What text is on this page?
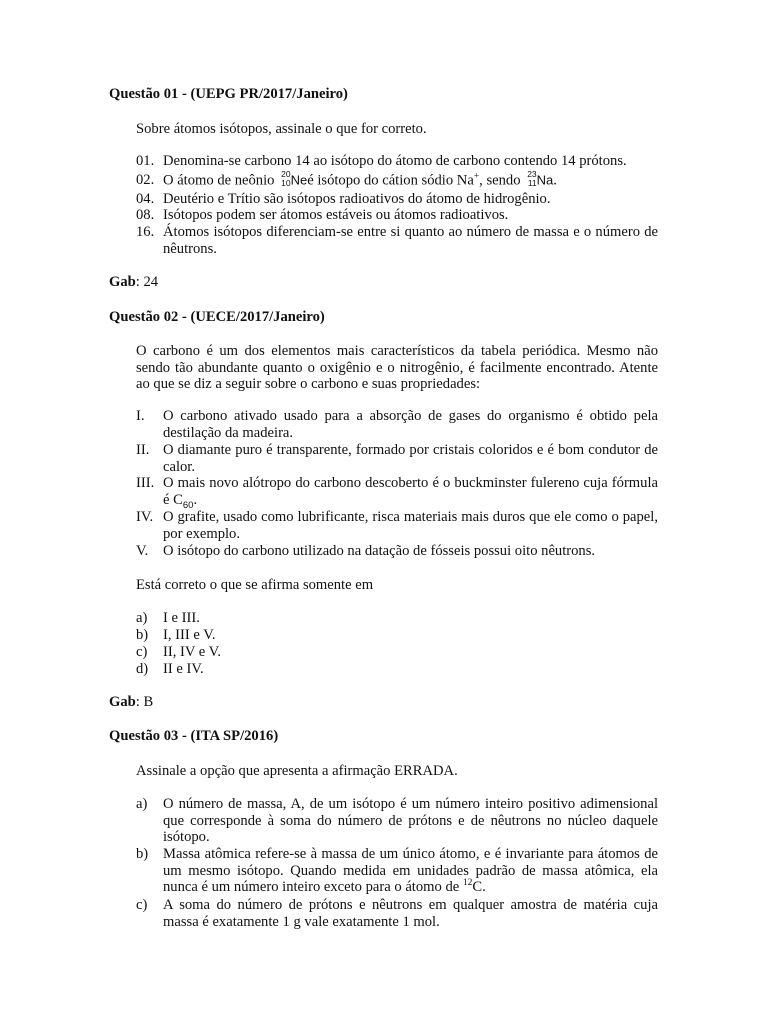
Questão 01 - (UEPG PR/2017/Janeiro)

Sobre átomos isótopos, assinale o que for correto.

01. Denomina-se carbono 14 ao isótopo do átomo de carbono contendo 14 prótons.
02. O átomo de neônio 20
10 Neé isótopo do cátion sódio Na+, sendo 23
11 Na.
04. Deutério e Trítio são isótopos radioativos do átomo de hidrogênio.
08. Isótopos podem ser átomos estáveis ou átomos radioativos.
16. Átomos isótopos diferenciam-se entre si quanto ao número de massa e o número de nêutrons.

Gab: 24

Questão 02 - (UECE/2017/Janeiro)

O carbono é um dos elementos mais característicos da tabela periódica. Mesmo não sendo tão abundante quanto o oxigênio e o nitrogênio, é facilmente encontrado. Atente ao que se diz a seguir sobre o carbono e suas propriedades:

I.	O carbono ativado usado para a absorção de gases do organismo é obtido pela destilação da madeira.
II. O diamante puro é transparente, formado por cristais coloridos e é bom condutor de calor.
III. O mais novo alótropo do carbono descoberto é o buckminster fulereno cuja fórmula é $C_{60}$.
IV. O grafite, usado como lubrificante, risca materiais mais duros que ele como o papel, por exemplo.
V.	O isótopo do carbono utilizado na datação de fósseis possui oito nêutrons.

Está correto o que se afirma somente em

a)	I e III.
b)	I, III e V.
c)	II, IV e V.
d)	II e IV.

Gab: B

Questão 03 - (ITA SP/2016)

Assinale a opção que apresenta a afirmação ERRADA.

a)	O número de massa, A, de um isótopo é um número inteiro positivo adimensional que corresponde à soma do número de prótons e de nêutrons no núcleo daquele isótopo.
b)	Massa atômica refere-se à massa de um único átomo, e é invariante para átomos de um mesmo isótopo. Quando medida em unidades padrão de massa atômica, ela nunca é um número inteiro exceto para o átomo de $^{12}$C.
c)	A soma do número de prótons e nêutrons em qualquer amostra de matéria cuja massa é exatamente 1 g vale exatamente 1 mol.
